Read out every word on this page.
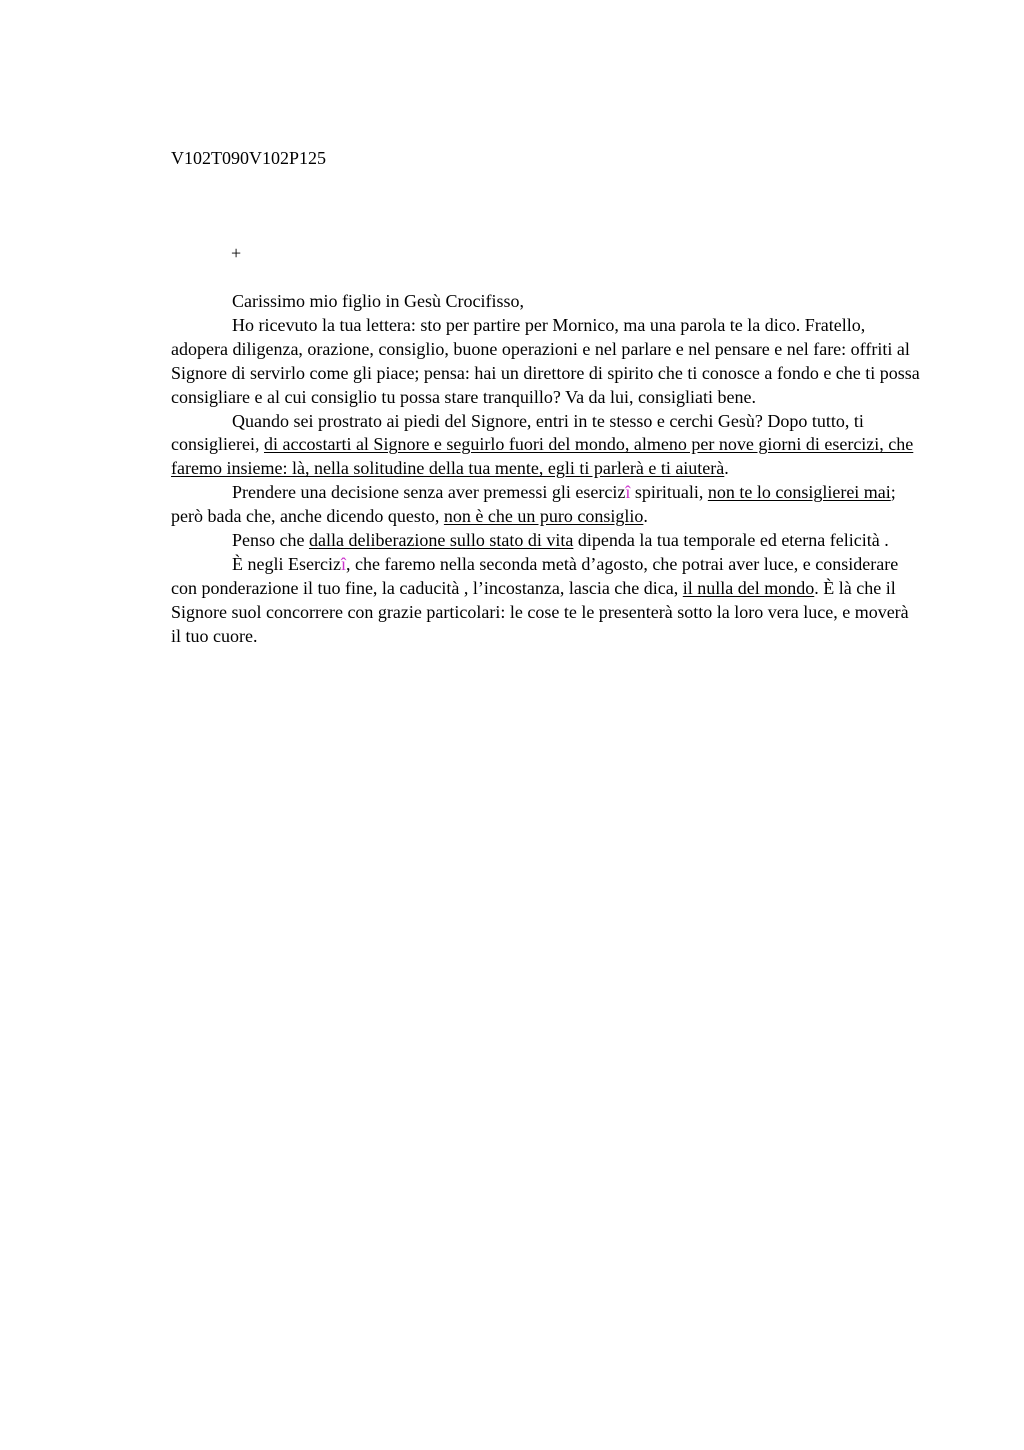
V102T090V102P125

+

Carissimo mio figlio in Gesù Crocifisso,

Ho ricevuto la tua lettera: sto per partire per Mornico, ma una parola te la dico. Fratello, adopera diligenza, orazione, consiglio, buone operazioni e nel parlare e nel pensare e nel fare: offriti al Signore di servirlo come gli piace; pensa: hai un direttore di spirito che ti conosce a fondo e che ti possa consigliare e al cui consiglio tu possa stare tranquillo? Va da lui, consigliati bene.

Quando sei prostrato ai piedi del Signore, entri in te stesso e cerchi Gesù? Dopo tutto, ti consiglierei, di accostarti al Signore e seguirlo fuori del mondo, almeno per nove giorni di esercizi, che faremo insieme: là, nella solitudine della tua mente, egli ti parlerà e ti aiuterà.

Prendere una decisione senza aver premessi gli esercizî spirituali, non te lo consiglierei mai; però bada che, anche dicendo questo, non è che un puro consiglio.

Penso che dalla deliberazione sullo stato di vita dipenda la tua temporale ed eterna felicità .

È negli Esercizî, che faremo nella seconda metà d’agosto, che potrai aver luce, e considerare con ponderazione il tuo fine, la caducità , l’incostanza, lascia che dica, il nulla del mondo. È là che il Signore suol concorrere con grazie particolari: le cose te le presenterà sotto la loro vera luce, e moverà il tuo cuore.
